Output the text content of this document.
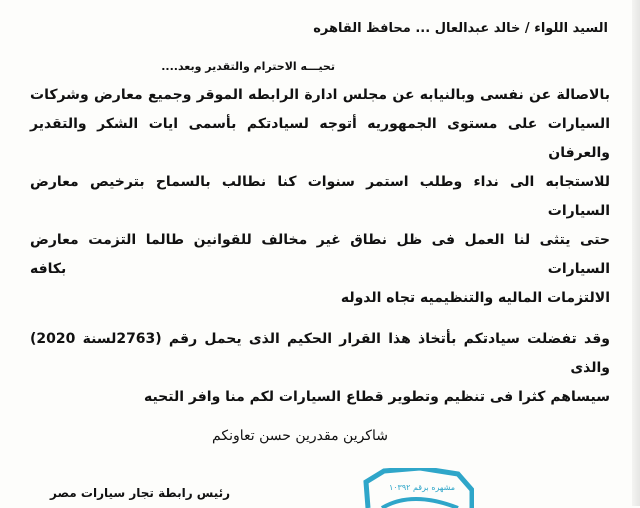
السيد اللواء / خالد عبدالعال ... محافظ القاهره
تحيـــه الاحترام والتقدير وبعد....
بالاصالة عن نفسى وبالنيابه عن مجلس ادارة الرابطه الموقر وجميع معارض وشركات
السيارات على مستوى الجمهوريه أتوجه لسيادتكم بأسمى ايات الشكر والتقدير والعرفان
للاستجابه الى نداء وطلب استمر سنوات كنا نطالب بالسماح بترخيص معارض السيارات
حتى يتثى لنا العمل فى ظل نطاق غير مخالف للقوانين طالما التزمت معارض السيارات بكافه
الالتزمات الماليه والتنظيميه تجاه الدوله
وقد تفضلت سيادتكم بأتخاذ هذا القرار الحكيم الذى يحمل رقم (2763لسنة 2020) والذى
سيساهم كثرا فى تنظيم وتطوير قطاع السيارات لكم منا وافر التحيه
شاكرين مقدرين حسن تعاونكم
مشهره برقم ١٠٣٩٢
رئيس رابطة تجار سيارات مصر
